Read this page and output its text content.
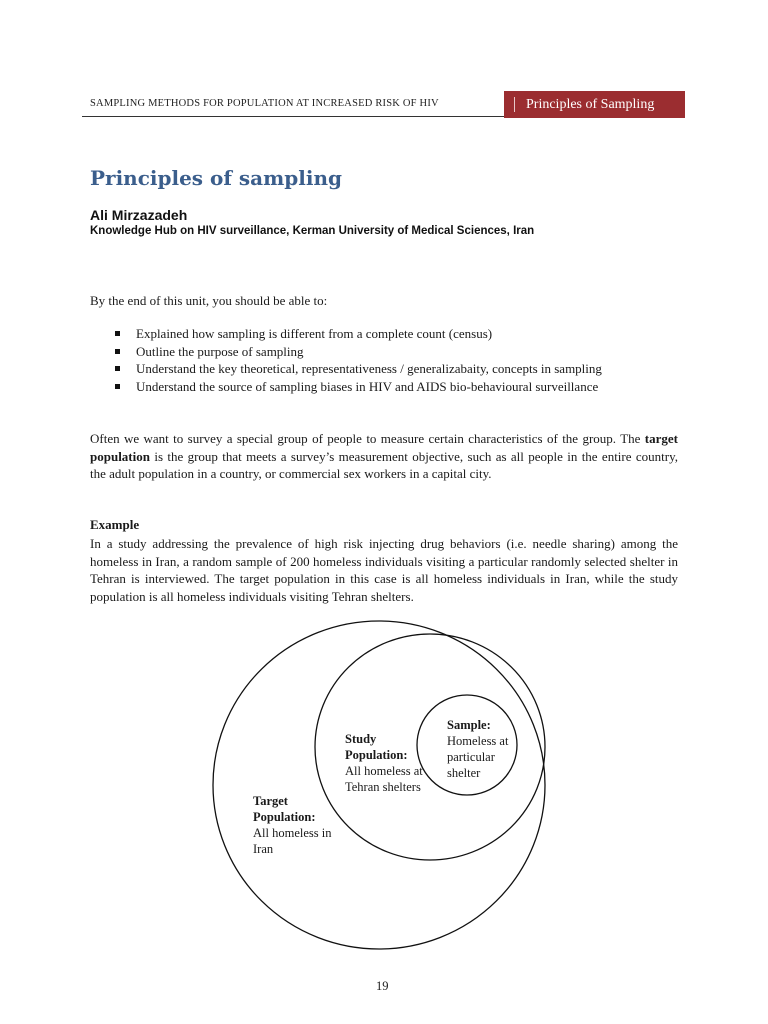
SAMPLING METHODS FOR POPULATION AT INCREASED RISK OF HIV	Principles of Sampling
Principles of sampling
Ali Mirzazadeh
Knowledge Hub on HIV surveillance, Kerman University of Medical Sciences, Iran

By the end of this unit, you should be able to:

Explained how sampling is different from a complete count (census)
Outline the purpose of sampling
Understand the key theoretical, representativeness / generalizabaity, concepts in sampling
Understand the source of sampling biases in HIV and AIDS bio-behavioural surveillance

Often we want to survey a special group of people to measure certain characteristics of the group. The target population is the group that meets a survey’s measurement objective, such as all people in the entire country, the adult population in a country, or commercial sex workers in a capital city.

Example

In a study addressing the prevalence of high risk injecting drug behaviors (i.e. needle sharing) among the homeless in Iran, a random sample of 200 homeless individuals visiting a particular randomly selected shelter in Tehran is interviewed. The target population in this case is all homeless individuals in Iran, while the study population is all homeless individuals visiting Tehran shelters.

Target Population:
All homeless in Iran
Study Population:
All homeless at Tehran shelters
Sample:
Homeless at particular shelter
19
